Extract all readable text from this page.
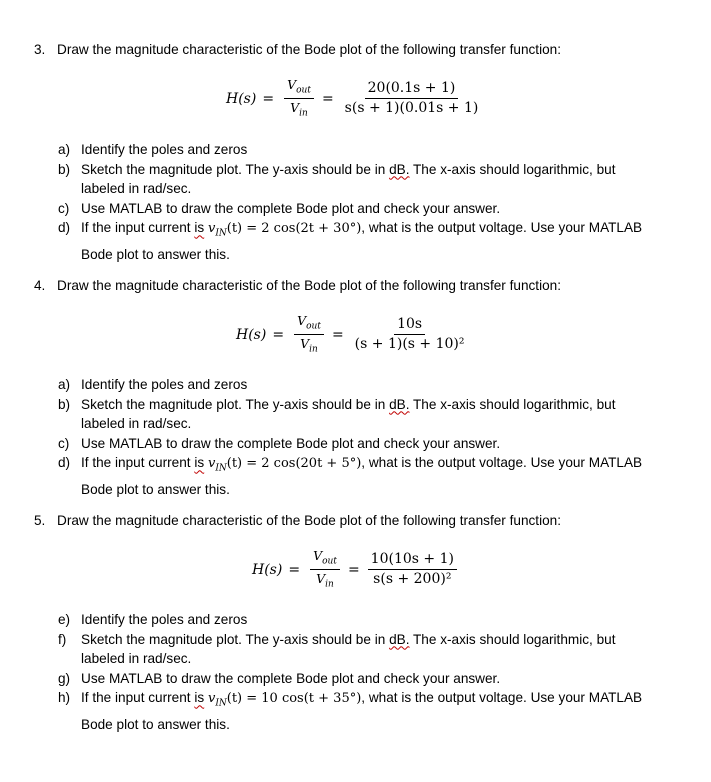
3. Draw the magnitude characteristic of the Bode plot of the following transfer function:
$H(s) = \frac{V_{out}}{V_{in}} = \frac{20(0.1s + 1)}{s(s + 1)(0.01s + 1)}$
a) Identify the poles and zeros
b) Sketch the magnitude plot. The y-axis should be in dB. The x-axis should logarithmic, but labeled in rad/sec.
c) Use MATLAB to draw the complete Bode plot and check your answer.
d) If the input current is $v_{IN}(t) = 2$ cos(2t + 30°), what is the output voltage. Use your MATLAB Bode plot to answer this.
4. Draw the magnitude characteristic of the Bode plot of the following transfer function:
$H(s) = \frac{V_{out}}{V_{in}} = \frac{10s}{\text{(s + 1)(s + 10)²}}$
a) Identify the poles and zeros
b) Sketch the magnitude plot. The y-axis should be in dB. The x-axis should logarithmic, but labeled in rad/sec.
c) Use MATLAB to draw the complete Bode plot and check your answer.
d) If the input current is $v_{IN}(t) = 2$ cos(20t + 5°), what is the output voltage. Use your MATLAB Bode plot to answer this.
5. Draw the magnitude characteristic of the Bode plot of the following transfer function:
$H(s) = \frac{V_{out}}{V_{in}} = \frac{10(10s + 1)}{\text{s(s + 200)²}}$
e) Identify the poles and zeros
f) Sketch the magnitude plot. The y-axis should be in dB. The x-axis should logarithmic, but labeled in rad/sec.
g) Use MATLAB to draw the complete Bode plot and check your answer.
h) If the input current is $v_{IN}(t) = 10$ cos(t + 35°), what is the output voltage. Use your MATLAB Bode plot to answer this.
